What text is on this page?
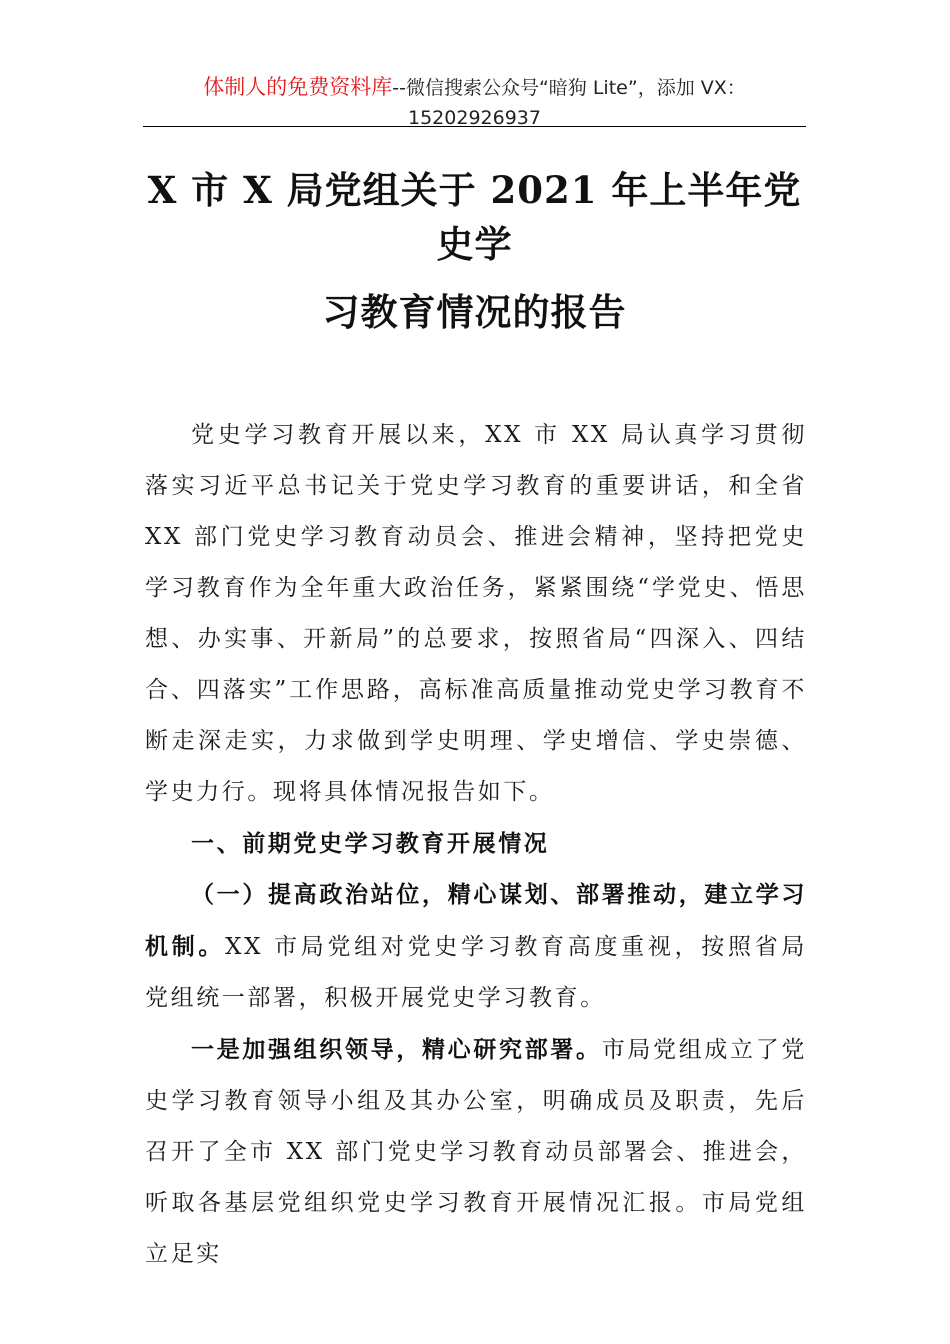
体制人的免费资料库--微信搜索公众号“暗狗 Lite”，添加 VX：
15202926937
X 市 X 局党组关于 2021 年上半年党史学
习教育情况的报告

党史学习教育开展以来，XX 市 XX 局认真学习贯彻落实习近平总书记关于党史学习教育的重要讲话，和全省 XX 部门党史学习教育动员会、推进会精神，坚持把党史学习教育作为全年重大政治任务，紧紧围绕“学党史、悟思想、办实事、开新局”的总要求，按照省局“四深入、四结合、四落实”工作思路，高标准高质量推动党史学习教育不断走深走实，力求做到学史明理、学史增信、学史崇德、学史力行。现将具体情况报告如下。

一、前期党史学习教育开展情况

（一）提高政治站位，精心谋划、部署推动，建立学习机制。XX 市局党组对党史学习教育高度重视，按照省局党组统一部署，积极开展党史学习教育。

一是加强组织领导，精心研究部署。市局党组成立了党史学习教育领导小组及其办公室，明确成员及职责，先后召开了全市 XX 部门党史学习教育动员部署会、推进会，听取各基层党组织党史学习教育开展情况汇报。市局党组立足实
